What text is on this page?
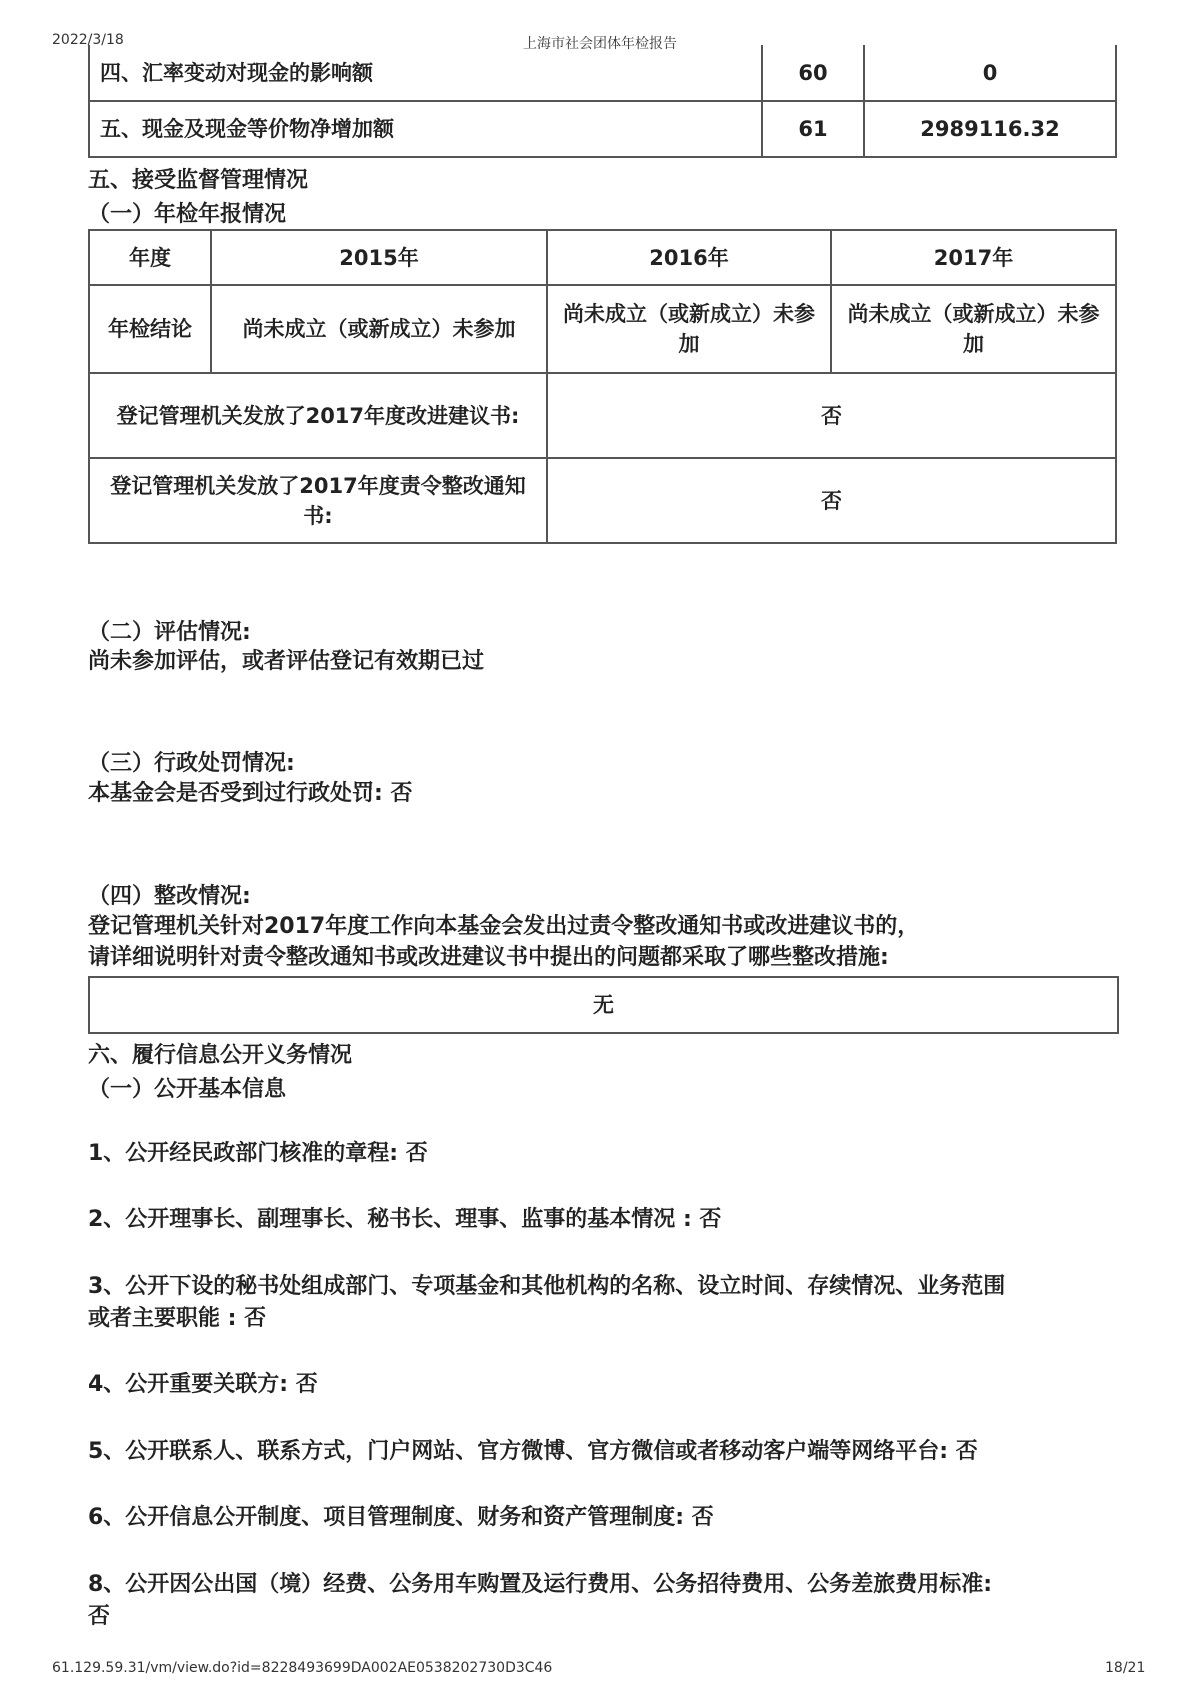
2022/3/18	上海市社会团体年检报告
四、汇率变动对现金的影响额	60	0
五、现金及现金等价物净增加额	61	2989116.32
五、接受监督管理情况
（一）年检年报情况
年度	2015年	2016年	2017年
年检结论	尚未成立（或新成立）未参加	尚未成立（或新成立）未参加	尚未成立（或新成立）未参加
登记管理机关发放了2017年度改进建议书:		否	
登记管理机关发放了2017年度责令整改通知书:		否	
（二）评估情况:
尚未参加评估，或者评估登记有效期已过
（三）行政处罚情况:
本基金会是否受到过行政处罚: 否
（四）整改情况:
登记管理机关针对2017年度工作向本基金会发出过责令整改通知书或改进建议书的，
请详细说明针对责令整改通知书或改进建议书中提出的问题都采取了哪些整改措施:
无
六、履行信息公开义务情况
（一）公开基本信息
1、公开经民政部门核准的章程: 否
2、公开理事长、副理事长、秘书长、理事、监事的基本情况 : 否
3、公开下设的秘书处组成部门、专项基金和其他机构的名称、设立时间、存续情况、业务范围
或者主要职能 : 否
4、公开重要关联方: 否
5、公开联系人、联系方式，门户网站、官方微博、官方微信或者移动客户端等网络平台: 否
6、公开信息公开制度、项目管理制度、财务和资产管理制度: 否
8、公开因公出国（境）经费、公务用车购置及运行费用、公务招待费用、公务差旅费用标准:
否
61.129.59.31/vm/view.do?id=8228493699DA002AE0538202730D3C46	18/21
